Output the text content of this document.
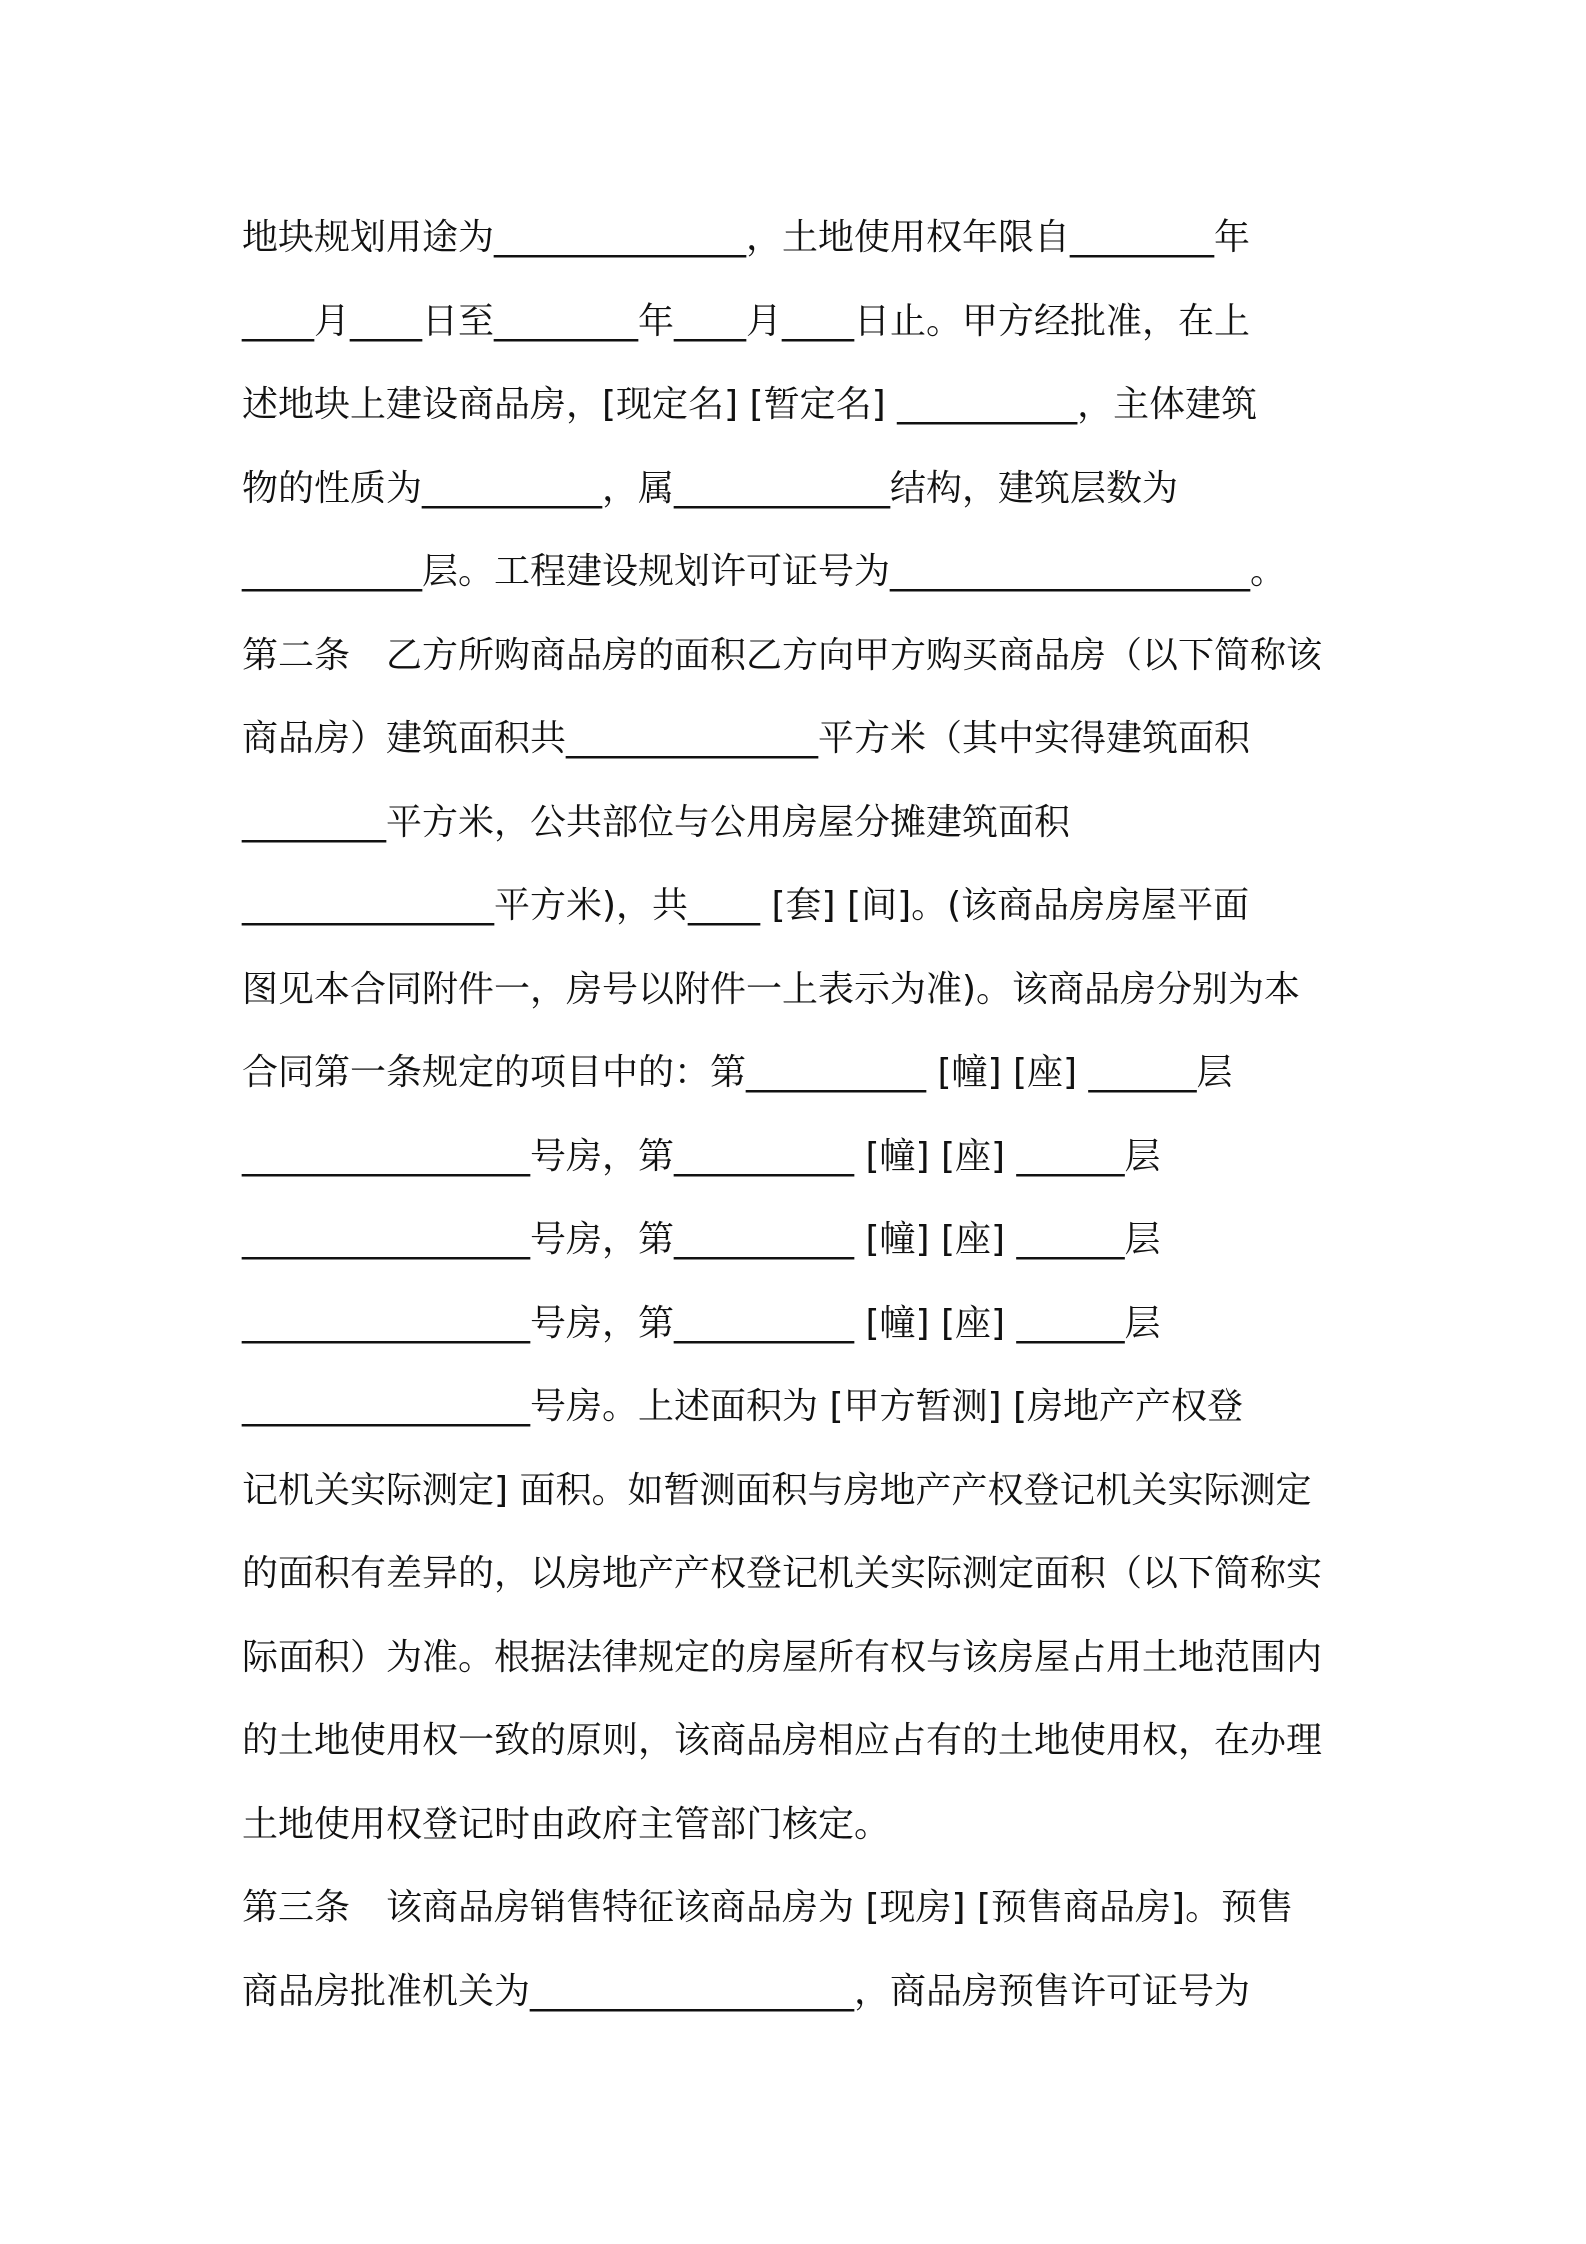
地块规划用途为______________，土地使用权年限自________年
____月____日至________年____月____日止。甲方经批准，在上
述地块上建设商品房，[现定名] [暂定名] __________，主体建筑
物的性质为__________，属____________结构，建筑层数为
__________层。工程建设规划许可证号为____________________。
第二条　乙方所购商品房的面积乙方向甲方购买商品房（以下简称该
商品房）建筑面积共______________平方米（其中实得建筑面积
________平方米，公共部位与公用房屋分摊建筑面积
______________平方米)，共____ [套] [间]。(该商品房房屋平面
图见本合同附件一，房号以附件一上表示为准)。该商品房分别为本
合同第一条规定的项目中的：第__________ [幢] [座] ______层
________________号房，第__________ [幢] [座] ______层
________________号房，第__________ [幢] [座] ______层
________________号房，第__________ [幢] [座] ______层
________________号房。上述面积为 [甲方暂测] [房地产产权登
记机关实际测定] 面积。如暂测面积与房地产产权登记机关实际测定
的面积有差异的，以房地产产权登记机关实际测定面积（以下简称实
际面积）为准。根据法律规定的房屋所有权与该房屋占用土地范围内
的土地使用权一致的原则，该商品房相应占有的土地使用权，在办理
土地使用权登记时由政府主管部门核定。
第三条　该商品房销售特征该商品房为 [现房] [预售商品房]。预售
商品房批准机关为__________________，商品房预售许可证号为
